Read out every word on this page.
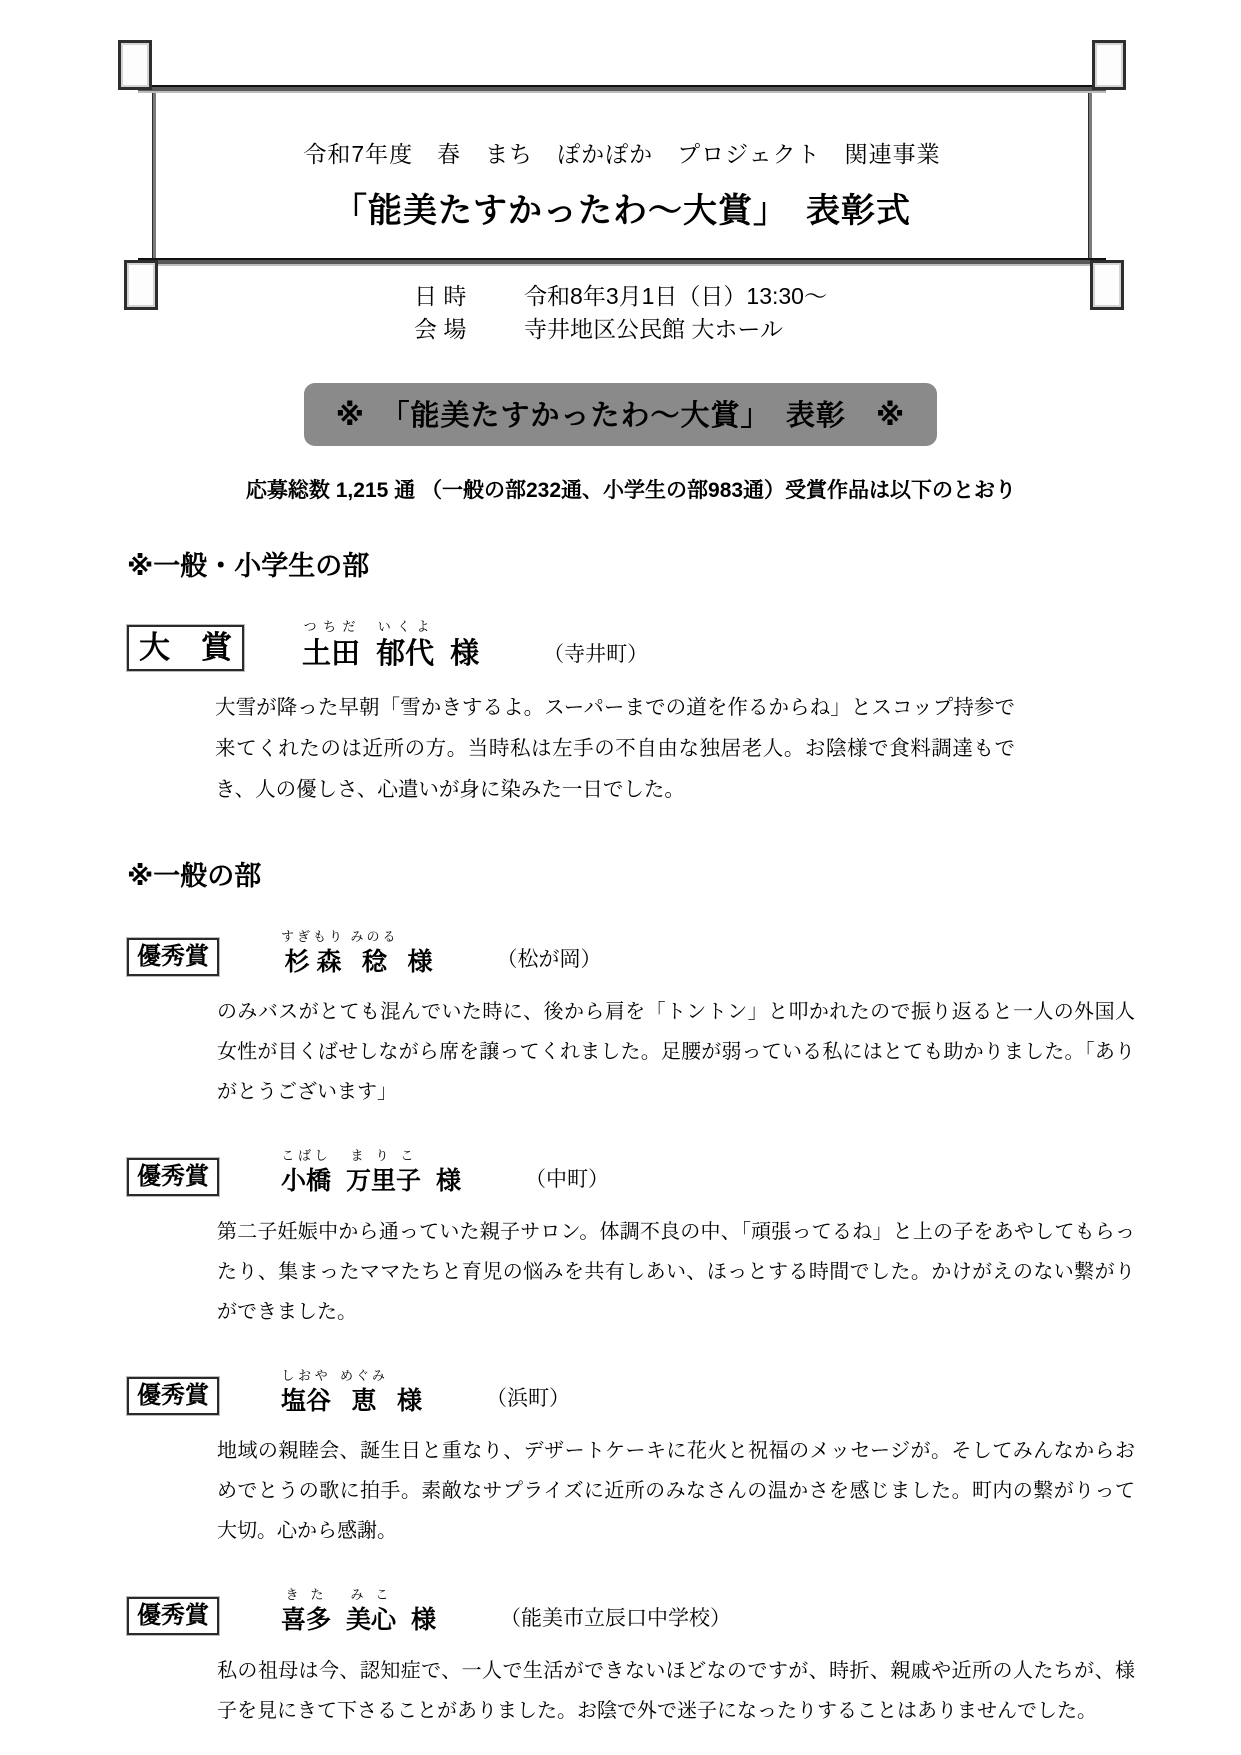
令和7年度　春　まち　ぽかぽか　プロジェクト　関連事業
「能美たすかったわ～大賞」　表彰式
日 時	令和8年3月1日（日）13:30～
会 場	寺井地区公民館 大ホール
※　「能美たすかったわ～大賞」　表彰　※
応募総数 1,215 通 （一般の部232通、小学生の部983通）受賞作品は以下のとおり
※一般・小学生の部
大　賞	土田つちだ 郁代いくよ 様	（寺井町）

大雪が降った早朝「雪かきするよ。スーパーまでの道を作るからね」とスコップ持参で来てくれたのは近所の方。当時私は左手の不自由な独居老人。お陰様で食料調達もでき、人の優しさ、心遣いが身に染みた一日でした。

※一般の部
優秀賞	杉森すぎもり 稔みのる 様	（松が岡）

のみバスがとても混んでいた時に、後から肩を「トントン」と叩かれたので振り返ると一人の外国人女性が目くばせしながら席を譲ってくれました。足腰が弱っている私にはとても助かりました。「ありがとうございます」

優秀賞	小橋こばし 万里子まりこ 様	（中町）

第二子妊娠中から通っていた親子サロン。体調不良の中、「頑張ってるね」と上の子をあやしてもらったり、集まったママたちと育児の悩みを共有しあい、ほっとする時間でした。かけがえのない繋がりができました。

優秀賞	塩谷しおや 恵めぐみ 様	（浜町）

地域の親睦会、誕生日と重なり、デザートケーキに花火と祝福のメッセージが。そしてみんなからおめでとうの歌に拍手。素敵なサプライズに近所のみなさんの温かさを感じました。町内の繋がりって大切。心から感謝。

優秀賞	喜多きた 美心みこ 様	（能美市立辰口中学校）

私の祖母は今、認知症で、一人で生活ができないほどなのですが、時折、親戚や近所の人たちが、様子を見にきて下さることがありました。お陰で外で迷子になったりすることはありませんでした。
